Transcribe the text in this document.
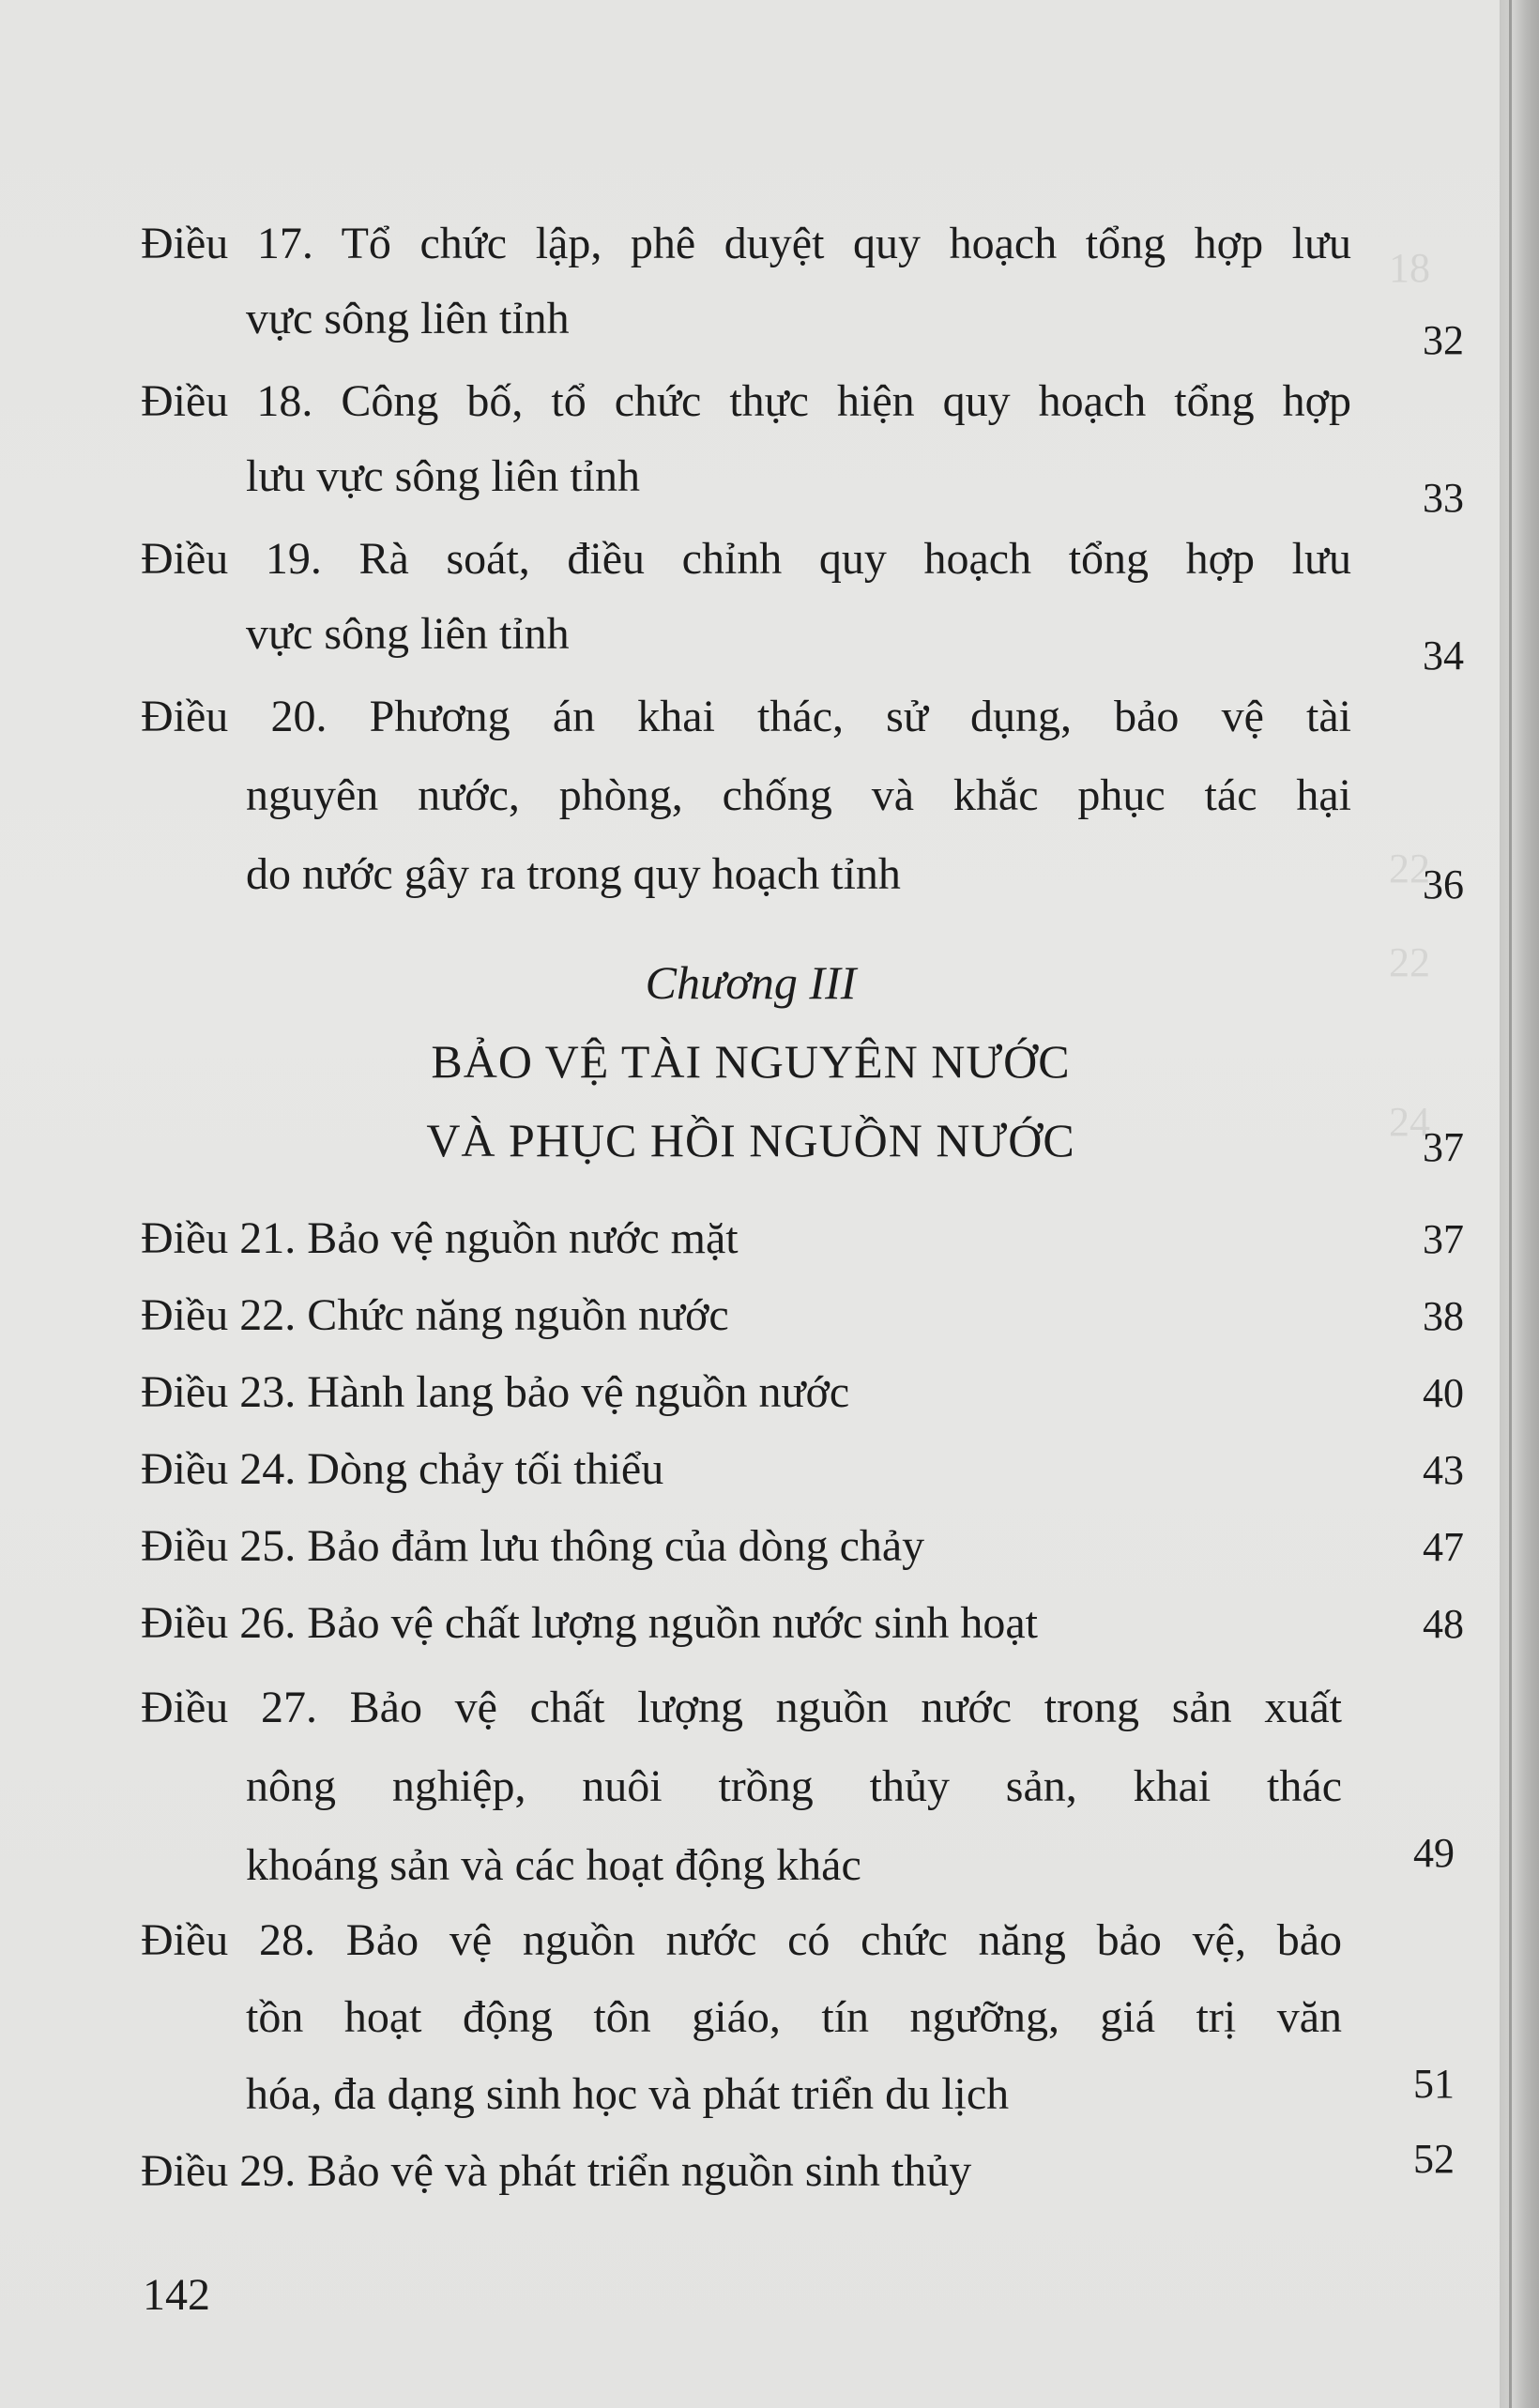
18
22
22
24
Điều 17. Tổ chức lập, phê duyệt quy hoạch tổng hợp lưu
vực sông liên tỉnh	32
Điều 18. Công bố, tổ chức thực hiện quy hoạch tổng hợp
lưu vực sông liên tỉnh	33
Điều 19. Rà soát, điều chỉnh quy hoạch tổng hợp lưu
vực sông liên tỉnh	34
Điều 20. Phương án khai thác, sử dụng, bảo vệ tài
nguyên nước, phòng, chống và khắc phục tác hại
do nước gây ra trong quy hoạch tỉnh	36
Chương III
BẢO VỆ TÀI NGUYÊN NƯỚC
VÀ PHỤC HỒI NGUỒN NƯỚC	37
Điều 21. Bảo vệ nguồn nước mặt	37
Điều 22. Chức năng nguồn nước	38
Điều 23. Hành lang bảo vệ nguồn nước	40
Điều 24. Dòng chảy tối thiểu	43
Điều 25. Bảo đảm lưu thông của dòng chảy	47
Điều 26. Bảo vệ chất lượng nguồn nước sinh hoạt	48
Điều 27. Bảo vệ chất lượng nguồn nước trong sản xuất
nông nghiệp, nuôi trồng thủy sản, khai thác
khoáng sản và các hoạt động khác	49
Điều 28. Bảo vệ nguồn nước có chức năng bảo vệ, bảo
tồn hoạt động tôn giáo, tín ngưỡng, giá trị văn
hóa, đa dạng sinh học và phát triển du lịch	51
Điều 29. Bảo vệ và phát triển nguồn sinh thủy	52
142
